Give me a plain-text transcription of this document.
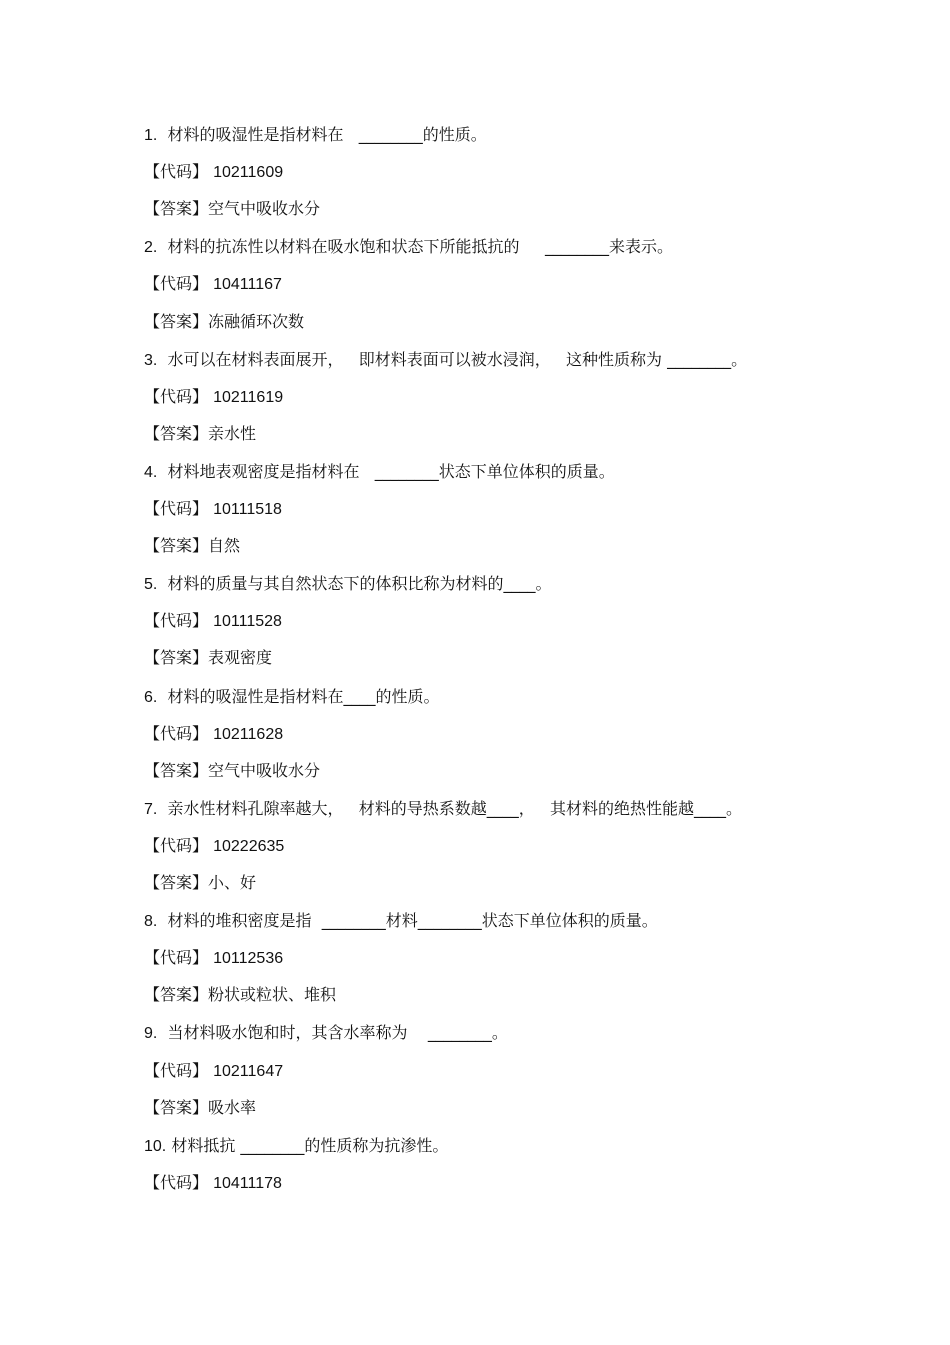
1.  材料的吸湿性是指材料在   ________的性质。
【代码】 10211609
【答案】空气中吸收水分
2.  材料的抗冻性以材料在吸水饱和状态下所能抵抗的     ________来表示。
【代码】 10411167
【答案】冻融循环次数
3.  水可以在材料表面展开，   即材料表面可以被水浸润，   这种性质称为 ________。
【代码】 10211619
【答案】亲水性
4.  材料地表观密度是指材料在   ________状态下单位体积的质量。
【代码】 10111518
【答案】自然
5.  材料的质量与其自然状态下的体积比称为材料的____。
【代码】 10111528
【答案】表观密度
6.  材料的吸湿性是指材料在____的性质。
【代码】 10211628
【答案】空气中吸收水分
7.  亲水性材料孔隙率越大，   材料的导热系数越____，   其材料的绝热性能越____。
【代码】 10222635
【答案】小、好
8.  材料的堆积密度是指  ________材料________状态下单位体积的质量。
【代码】 10112536
【答案】粉状或粒状、堆积
9.  当材料吸水饱和时，其含水率称为    ________。
【代码】 10211647
【答案】吸水率
10. 材料抵抗 ________的性质称为抗渗性。
【代码】 10411178
